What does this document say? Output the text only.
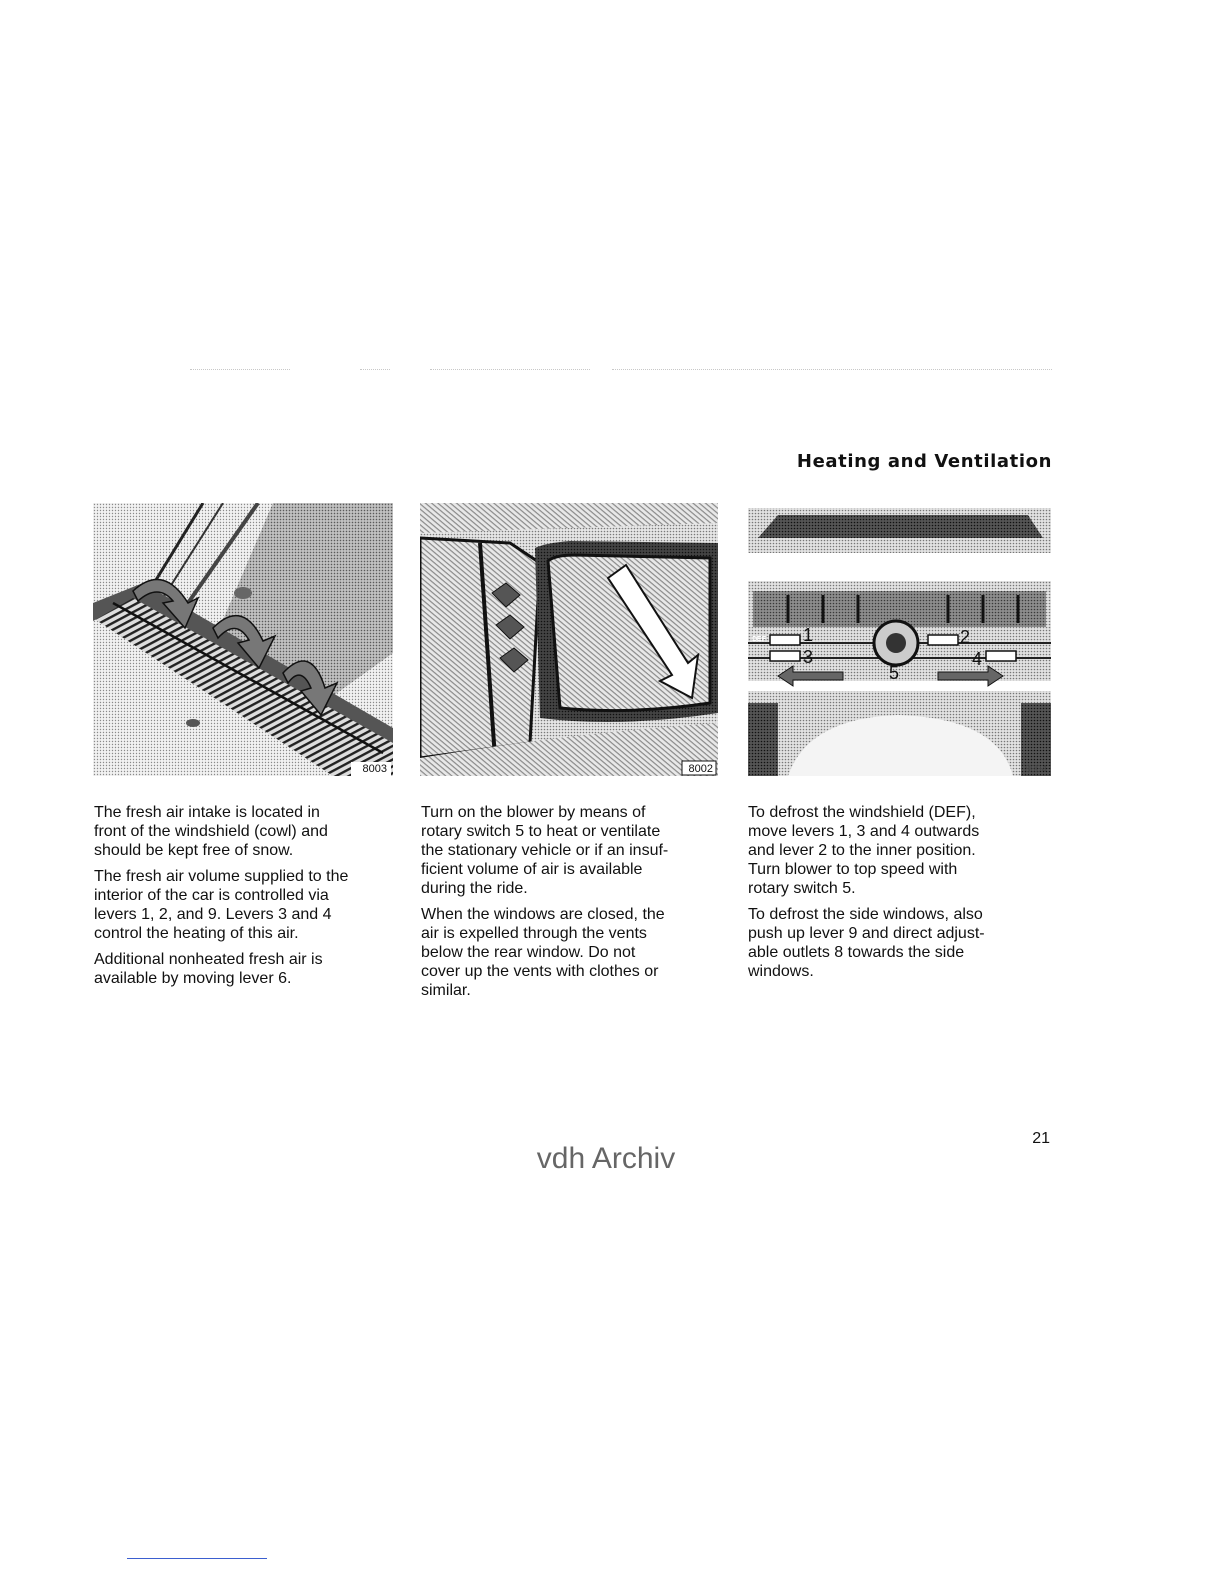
Heating and Ventilation
8003	8002
1	2
3	4
5
DEF
8004

The fresh air intake is located in
front of the windshield (cowl) and
should be kept free of snow.

The fresh air volume supplied to the
interior of the car is controlled via
levers 1, 2, and 9. Levers 3 and 4
control the heating of this air.

Additional nonheated fresh air is
available by moving lever 6.

Turn on the blower by means of
rotary switch 5 to heat or ventilate
the stationary vehicle or if an insuf-
ficient volume of air is available
during the ride.

When the windows are closed, the
air is expelled through the vents
below the rear window. Do not
cover up the vents with clothes or
similar.

To defrost the windshield (DEF),
move levers 1, 3 and 4 outwards
and lever 2 to the inner position.
Turn blower to top speed with
rotary switch 5.

To defrost the side windows, also
push up lever 9 and direct adjust-
able outlets 8 towards the side
windows.

21
vdh Archiv
